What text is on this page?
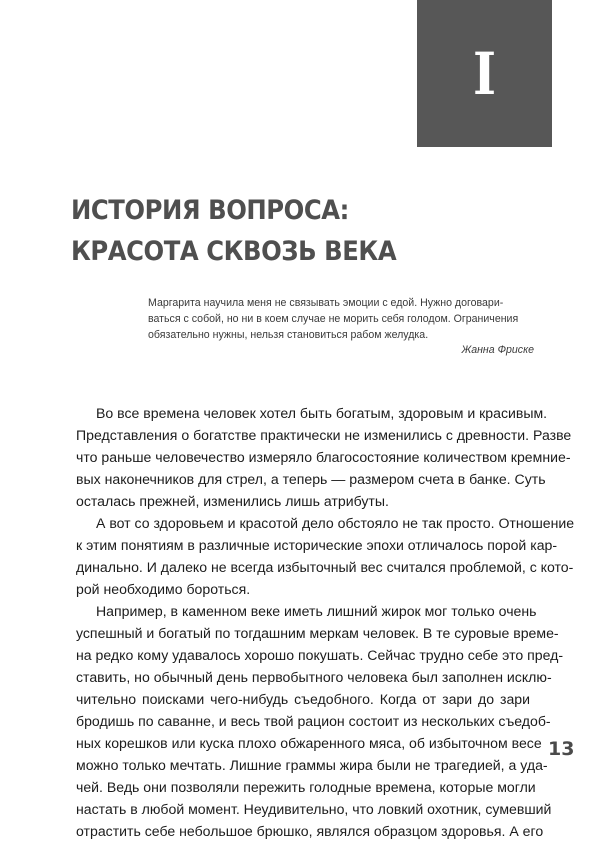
I
ИСТОРИЯ ВОПРОСА:
КРАСОТА СКВОЗЬ ВЕКА
Маргарита научила меня не связывать эмоции с едой. Нужно договари-
ваться с собой, но ни в коем случае не морить себя голодом. Ограничения
обязательно нужны, нельзя становиться рабом желудка.
Жанна Фриске
Во все времена человек хотел быть богатым, здоровым и красивым.
Представления о богатстве практически не изменились с древности. Разве
что раньше человечество измеряло благосостояние количеством кремние-
вых наконечников для стрел, а теперь — размером счета в банке. Суть
осталась прежней, изменились лишь атрибуты.
А вот со здоровьем и красотой дело обстояло не так просто. Отношение
к этим понятиям в различные исторические эпохи отличалось порой кар-
динально. И далеко не всегда избыточный вес считался проблемой, с кото-
рой необходимо бороться.
Например, в каменном веке иметь лишний жирок мог только очень
успешный и богатый по тогдашним меркам человек. В те суровые време-
на редко кому удавалось хорошо покушать. Сейчас трудно себе это пред-
ставить, но обычный день первобытного человека был заполнен исклю-
чительно поисками чего-нибудь съедобного. Когда от зари до зари
бродишь по саванне, и весь твой рацион состоит из нескольких съедоб-
ных корешков или куска плохо обжаренного мяса, об избыточном весе
можно только мечтать. Лишние граммы жира были не трагедией, а уда-
чей. Ведь они позволяли пережить голодные времена, которые могли
настать в любой момент. Неудивительно, что ловкий охотник, сумевший
отрастить себе небольшое брюшко, являлся образцом здоровья. А его
13
